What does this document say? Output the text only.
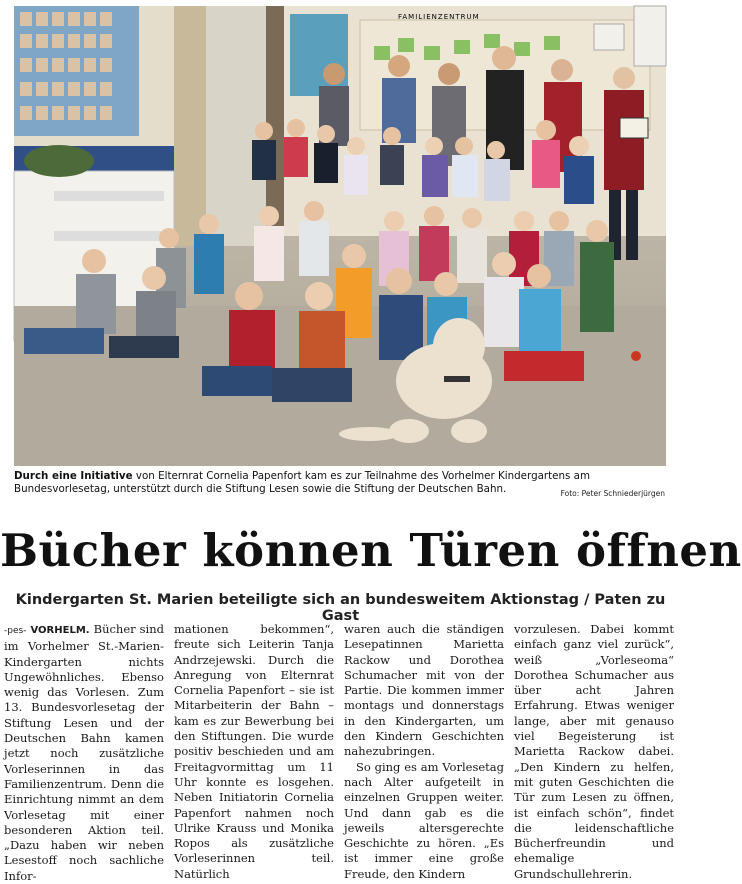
FAMILIENZENTRUM
Durch eine Initiative von Elternrat Cornelia Papenfort kam es zur Teilnahme des Vorhelmer Kindergartens am Bundesvorlesetag, unterstützt durch die Stiftung Lesen sowie die Stiftung der Deutschen Bahn.	Foto: Peter Schniederjürgen
Bücher können Türen öffnen
Kindergarten St. Marien beteiligte sich an bundesweitem Aktionstag / Paten zu Gast

-pes- VORHELM. Bücher sind im Vorhelmer St.-Marien-Kindergarten nichts Ungewöhnliches. Ebenso wenig das Vorlesen. Zum 13. Bundesvorlesetag der Stiftung Lesen und der Deutschen Bahn kamen jetzt noch zusätzliche Vorleserinnen in das Familienzentrum. Denn die Einrichtung nimmt an dem Vorlesetag mit einer besonderen Aktion teil. „Dazu haben wir neben Lesestoff noch sachliche Infor-

mationen bekommen“, freute sich Leiterin Tanja Andrzejewski. Durch die Anregung von Elternrat Cornelia Papenfort – sie ist Mitarbeiterin der Bahn – kam es zur Bewerbung bei den Stiftungen. Die wurde positiv beschieden und am Freitagvormittag um 11 Uhr konnte es losgehen. Neben Initiatorin Cornelia Papenfort nahmen noch Ulrike Krauss und Monika Ropos als zusätzliche Vorleserinnen teil. Natürlich

waren auch die ständigen Lesepatinnen Marietta Rackow und Dorothea Schumacher mit von der Partie. Die kommen immer montags und donnerstags in den Kindergarten, um den Kindern Geschichten nahezubringen.

So ging es am Vorlesetag nach Alter aufgeteilt in einzelnen Gruppen weiter. Und dann gab es die jeweils altersgerechte Geschichte zu hören. „Es ist immer eine große Freude, den Kindern

vorzulesen. Dabei kommt einfach ganz viel zurück“, weiß „Vorleseoma“ Dorothea Schumacher aus über acht Jahren Erfahrung. Etwas weniger lange, aber mit genauso viel Begeisterung ist Marietta Rackow dabei. „Den Kindern zu helfen, mit guten Geschichten die Tür zum Lesen zu öffnen, ist einfach schön“, findet die leidenschaftliche Bücherfreundin und ehemalige Grundschullehrerin.
